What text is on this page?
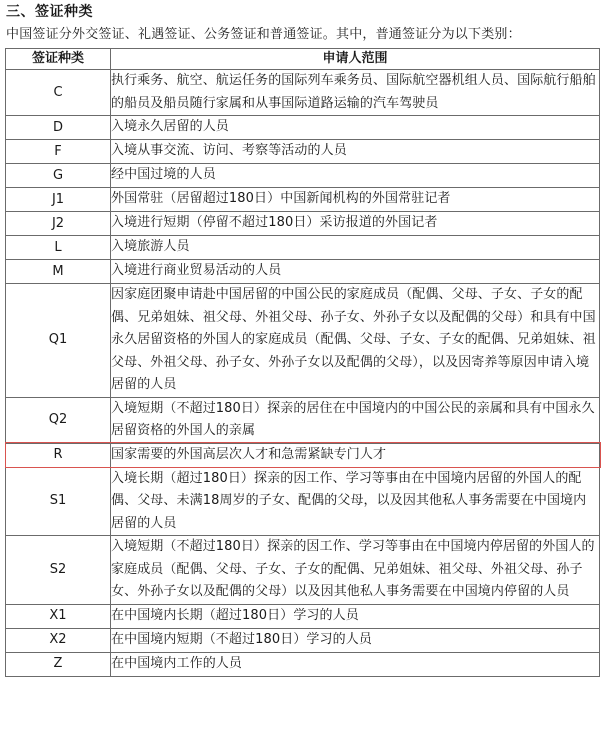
三、签证种类
中国签证分外交签证、礼遇签证、公务签证和普通签证。其中，普通签证分为以下类别：
签证种类	申请人范围
C	执行乘务、航空、航运任务的国际列车乘务员、国际航空器机组人员、国际航行船舶的船员及船员随行家属和从事国际道路运输的汽车驾驶员
D	入境永久居留的人员
F	入境从事交流、访问、考察等活动的人员
G	经中国过境的人员
J1	外国常驻（居留超过180日）中国新闻机构的外国常驻记者
J2	入境进行短期（停留不超过180日）采访报道的外国记者
L	入境旅游人员
M	入境进行商业贸易活动的人员
Q1	因家庭团聚申请赴中国居留的中国公民的家庭成员（配偶、父母、子女、子女的配偶、兄弟姐妹、祖父母、外祖父母、孙子女、外孙子女以及配偶的父母）和具有中国永久居留资格的外国人的家庭成员（配偶、父母、子女、子女的配偶、兄弟姐妹、祖父母、外祖父母、孙子女、外孙子女以及配偶的父母），以及因寄养等原因申请入境居留的人员
Q2	入境短期（不超过180日）探亲的居住在中国境内的中国公民的亲属和具有中国永久居留资格的外国人的亲属
R	国家需要的外国高层次人才和急需紧缺专门人才
S1	入境长期（超过180日）探亲的因工作、学习等事由在中国境内居留的外国人的配偶、父母、未满18周岁的子女、配偶的父母，以及因其他私人事务需要在中国境内居留的人员
S2	入境短期（不超过180日）探亲的因工作、学习等事由在中国境内停居留的外国人的家庭成员（配偶、父母、子女、子女的配偶、兄弟姐妹、祖父母、外祖父母、孙子女、外孙子女以及配偶的父母）以及因其他私人事务需要在中国境内停留的人员
X1	在中国境内长期（超过180日）学习的人员
X2	在中国境内短期（不超过180日）学习的人员
Z	在中国境内工作的人员
